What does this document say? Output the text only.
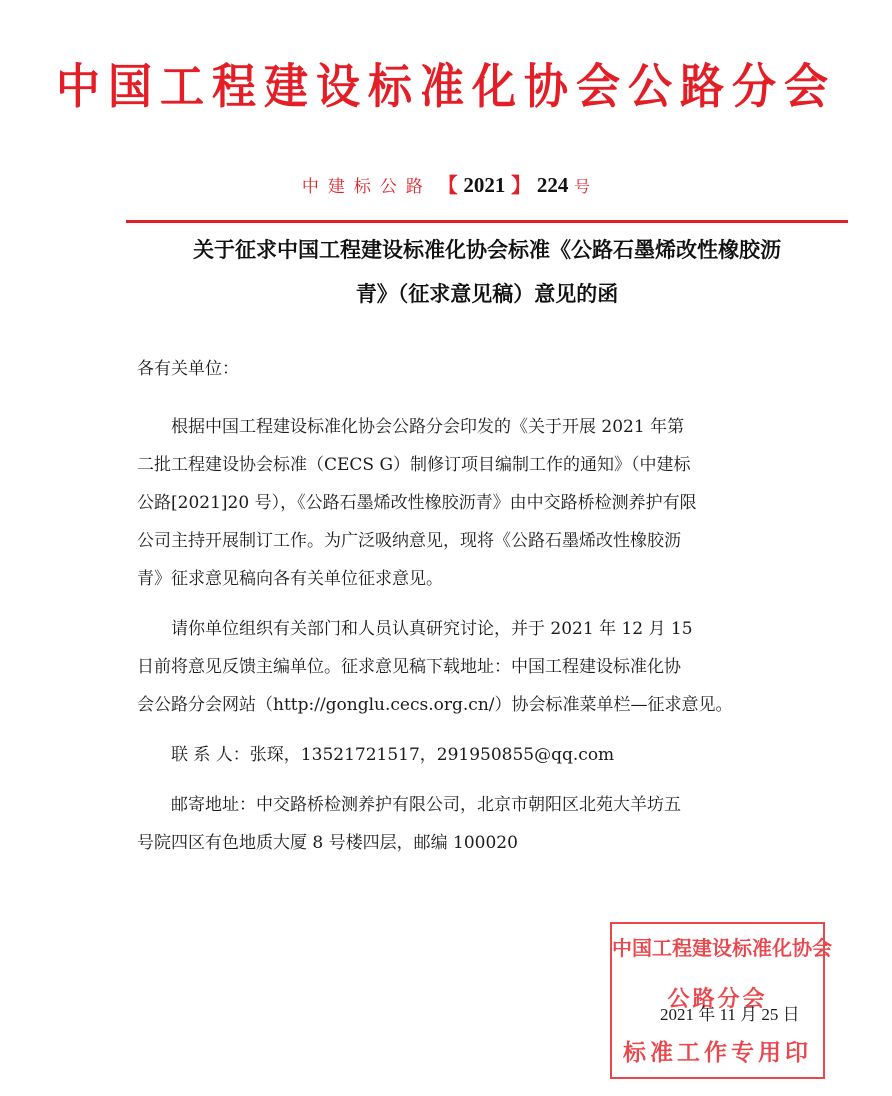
中国工程建设标准化协会公路分会
中建标公路 【 2021 】 224 号
关于征求中国工程建设标准化协会标准《公路石墨烯改性橡胶沥
青》（征求意见稿）意见的函
各有关单位：
　　根据中国工程建设标准化协会公路分会印发的《关于开展 2021 年第
二批工程建设协会标准（CECS G）制修订项目编制工作的通知》（中建标
公路[2021]20 号），《公路石墨烯改性橡胶沥青》由中交路桥检测养护有限
公司主持开展制订工作。为广泛吸纳意见，现将《公路石墨烯改性橡胶沥
青》征求意见稿向各有关单位征求意见。
　　请你单位组织有关部门和人员认真研究讨论，并于 2021 年 12 月 15
日前将意见反馈主编单位。征求意见稿下载地址：中国工程建设标准化协
会公路分会网站（http://gonglu.cecs.org.cn/）协会标准菜单栏—征求意见。
　　联 系 人：张琛，13521721517，291950855@qq.com
　　邮寄地址：中交路桥检测养护有限公司，北京市朝阳区北苑大羊坊五
号院四区有色地质大厦 8 号楼四层，邮编 100020
中国工程建设标准化协会
公路分会
标准工作专用印
2021 年 11 月 25 日
